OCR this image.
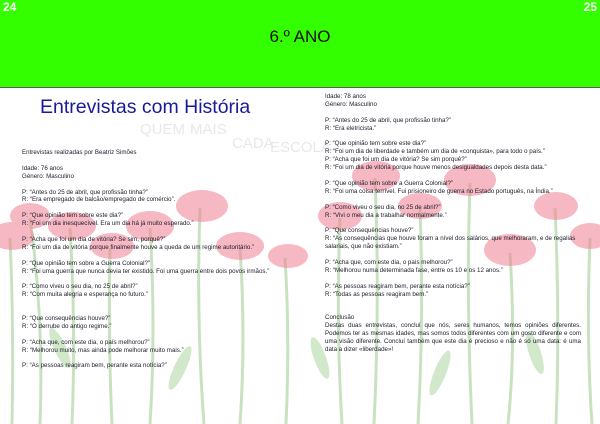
24	25
6.º ANO
QUEM MAIS
CADA
ESCOLA
Entrevistas com História

Entrevistas realizadas por Beatriz Simões

Idade: 76 anos

Género: Masculino

P: “Antes do 25 de abril, que profissão tinha?”

R: “Era empregado de balcão/empregado de comércio”.

P: “Que opinião tem sobre este dia?”

R: “Foi um dia inesquecível. Era um dia há já muito esperado.”

P: “Acha que foi um dia de vitória? Se sim, porquê?”

R: “Foi um dia de vitória porque finalmente houve a queda de um regime autoritário.”

P: “Que opinião tem sobre a Guerra Colonial?”

R: “Foi uma guerra que nunca devia ter existido. Foi uma guerra entre dois povos irmãos.”

P: “Como viveu o seu dia, no 25 de abril?”

R: “Com muita alegria e esperança no futuro.”

P: “Que consequências houve?”

R: “O derrube do antigo regime.”

P: “Acha que, com este dia, o país melhorou?”

R: “Melhorou muito, mas ainda pode melhorar muito mais.”

P: “As pessoas reagiram bem, perante esta notícia?”

Idade: 78 anos

Género: Masculino

P: “Antes do 25 de abril, que profissão tinha?”

R: “Era eletricista.”

P: “Que opinião tem sobre este dia?”

R: “Foi um dia de liberdade e também um dia de «conquista», para todo o país.”

P: “Acha que foi um dia de vitória? Se sim porquê?”

R: “Foi um dia de vitória porque houve menos desigualdades depois desta data.”

P: “Que opinião tem sobre a Guerra Colonial?”

R: “Foi uma coisa terrível. Fui prisioneiro de guerra no Estado português, na Índia.”

P: “Como viveu o seu dia, no 25 de abril?”

R: “Vivi o meu dia a trabalhar normalmente.”

P: “Que consequências houve?”

R: “As consequências que houve foram a nível dos salários, que melhoraram, e de regalias salariais, que não existiam.”

P: “Acha que, com este dia, o país melhorou?”

R: “Melhorou numa determinada fase, entre os 10 e os 12 anos.”

P: “As pessoas reagiram bem, perante esta notícia?”

R: “Todas as pessoas reagiram bem.”

Conclusão

Destas duas entrevistas, concluí que nós, seres humanos, temos opiniões diferentes. Podemos ter as mesmas idades, mas somos todos diferentes com um gosto diferente e com uma visão diferente. Concluí também que este dia é precioso e não é só uma data: é uma data a dizer «liberdade»!
